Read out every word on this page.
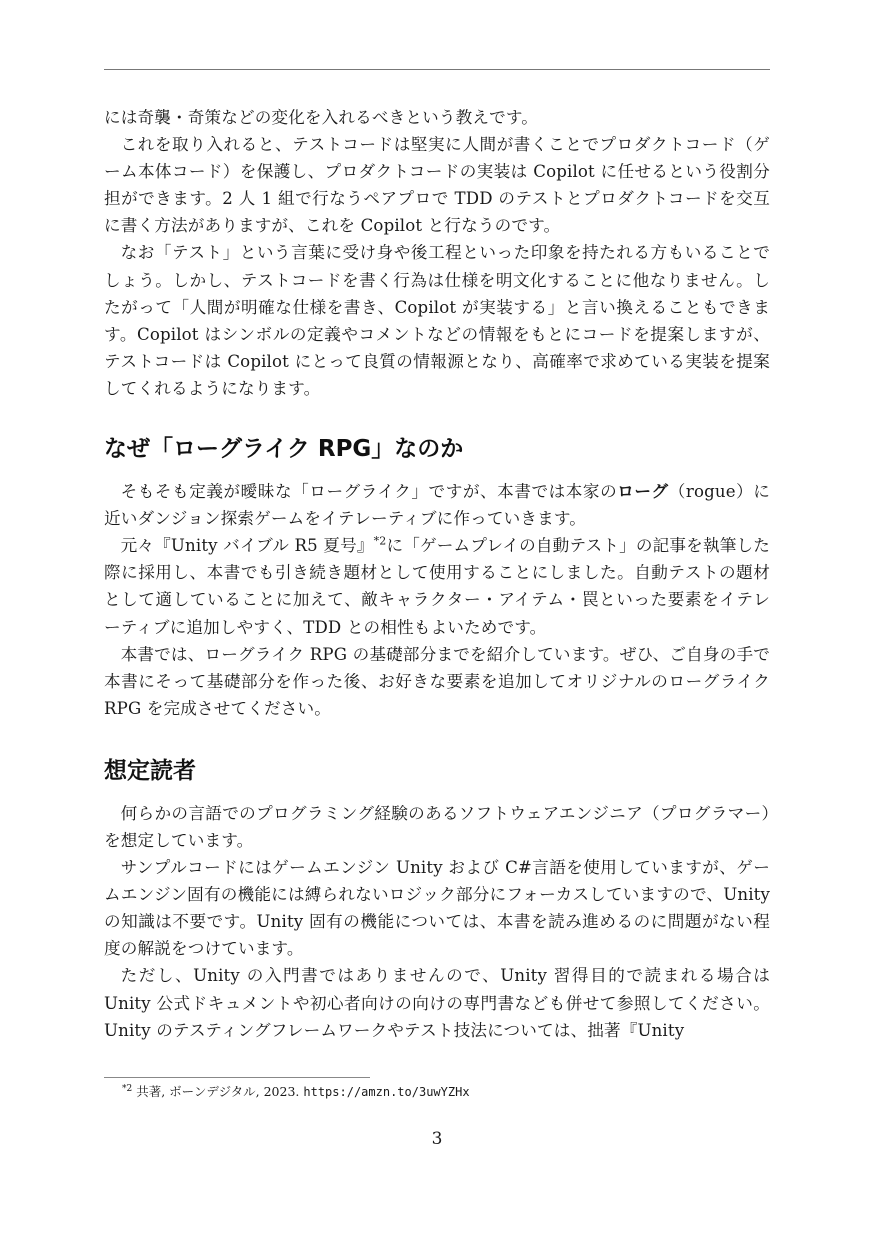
には奇襲・奇策などの変化を入れるべきという教えです。

これを取り入れると、テストコードは堅実に人間が書くことでプロダクトコード（ゲーム本体コード）を保護し、プロダクトコードの実装は Copilot に任せるという役割分担ができます。2 人 1 組で行なうペアプロで TDD のテストとプロダクトコードを交互に書く方法がありますが、これを Copilot と行なうのです。

なお「テスト」という言葉に受け身や後工程といった印象を持たれる方もいることでしょう。しかし、テストコードを書く行為は仕様を明文化することに他なりません。したがって「人間が明確な仕様を書き、Copilot が実装する」と言い換えることもできます。Copilot はシンボルの定義やコメントなどの情報をもとにコードを提案しますが、テストコードは Copilot にとって良質の情報源となり、高確率で求めている実装を提案してくれるようになります。

なぜ「ローグライク RPG」なのか

そもそも定義が曖昧な「ローグライク」ですが、本書では本家のローグ（rogue）に近いダンジョン探索ゲームをイテレーティブに作っていきます。

元々『Unity バイブル R5 夏号』$^{*2}$に「ゲームプレイの自動テスト」の記事を執筆した際に採用し、本書でも引き続き題材として使用することにしました。自動テストの題材として適していることに加えて、敵キャラクター・アイテム・罠といった要素をイテレーティブに追加しやすく、TDD との相性もよいためです。

本書では、ローグライク RPG の基礎部分までを紹介しています。ぜひ、ご自身の手で本書にそって基礎部分を作った後、お好きな要素を追加してオリジナルのローグライク RPG を完成させてください。

想定読者

何らかの言語でのプログラミング経験のあるソフトウェアエンジニア（プログラマー）を想定しています。

サンプルコードにはゲームエンジン Unity および C#言語を使用していますが、ゲームエンジン固有の機能には縛られないロジック部分にフォーカスしていますので、Unity の知識は不要です。Unity 固有の機能については、本書を読み進めるのに問題がない程度の解説をつけています。

ただし、Unity の入門書ではありませんので、Unity 習得目的で読まれる場合は Unity 公式ドキュメントや初心者向けの向けの専門書なども併せて参照してください。Unity のテスティングフレームワークやテスト技法については、拙著『Unity

$^{*2}$ 共著, ボーンデジタル, 2023. https://amzn.to/3uwYZHx
3
